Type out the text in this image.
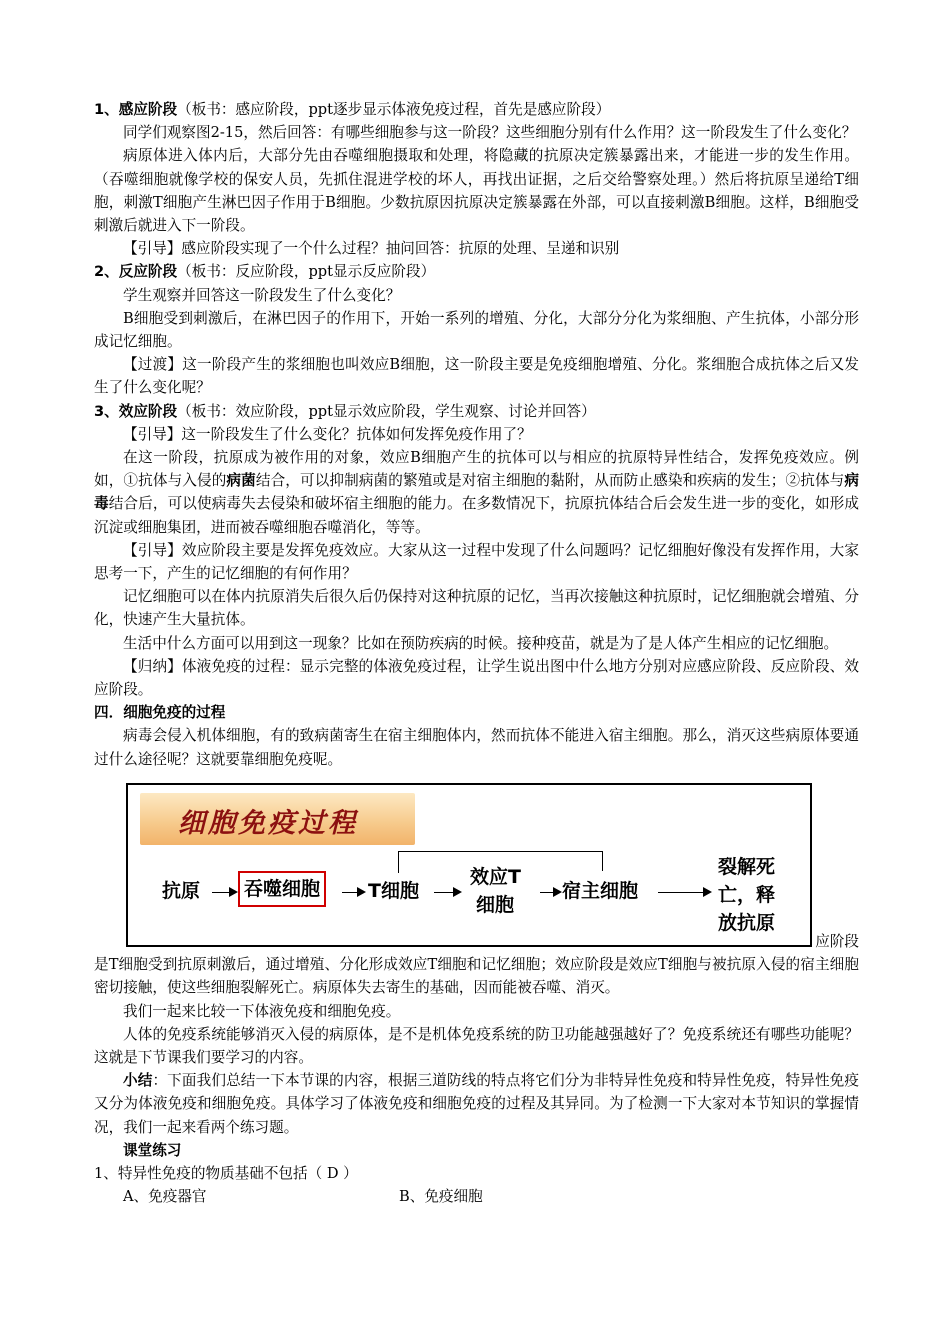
1、感应阶段（板书：感应阶段，ppt逐步显示体液免疫过程，首先是感应阶段）

同学们观察图2-15，然后回答：有哪些细胞参与这一阶段？这些细胞分别有什么作用？这一阶段发生了什么变化？

病原体进入体内后，大部分先由吞噬细胞摄取和处理，将隐藏的抗原决定簇暴露出来，才能进一步的发生作用。（吞噬细胞就像学校的保安人员，先抓住混进学校的坏人，再找出证据，之后交给警察处理。）然后将抗原呈递给T细胞，刺激T细胞产生淋巴因子作用于B细胞。少数抗原因抗原决定簇暴露在外部，可以直接刺激B细胞。这样，B细胞受刺激后就进入下一阶段。

【引导】感应阶段实现了一个什么过程？抽问回答：抗原的处理、呈递和识别

2、反应阶段（板书：反应阶段，ppt显示反应阶段）

学生观察并回答这一阶段发生了什么变化？

B细胞受到刺激后，在淋巴因子的作用下，开始一系列的增殖、分化，大部分分化为浆细胞、产生抗体，小部分形成记忆细胞。

【过渡】这一阶段产生的浆细胞也叫效应B细胞，这一阶段主要是免疫细胞增殖、分化。浆细胞合成抗体之后又发生了什么变化呢？

3、效应阶段（板书：效应阶段，ppt显示效应阶段，学生观察、讨论并回答）

【引导】这一阶段发生了什么变化？抗体如何发挥免疫作用了？

在这一阶段，抗原成为被作用的对象，效应B细胞产生的抗体可以与相应的抗原特异性结合，发挥免疫效应。例如，①抗体与入侵的病菌结合，可以抑制病菌的繁殖或是对宿主细胞的黏附，从而防止感染和疾病的发生；②抗体与病毒结合后，可以使病毒失去侵染和破坏宿主细胞的能力。在多数情况下，抗原抗体结合后会发生进一步的变化，如形成沉淀或细胞集团，进而被吞噬细胞吞噬消化，等等。

【引导】效应阶段主要是发挥免疫效应。大家从这一过程中发现了什么问题吗？记忆细胞好像没有发挥作用，大家思考一下，产生的记忆细胞的有何作用？

记忆细胞可以在体内抗原消失后很久后仍保持对这种抗原的记忆，当再次接触这种抗原时，记忆细胞就会增殖、分化，快速产生大量抗体。

生活中什么方面可以用到这一现象？比如在预防疾病的时候。接种疫苗，就是为了是人体产生相应的记忆细胞。

【归纳】体液免疫的过程：显示完整的体液免疫过程，让学生说出图中什么地方分别对应感应阶段、反应阶段、效应阶段。

四．细胞免疫的过程

病毒会侵入机体细胞，有的致病菌寄生在宿主细胞体内，然而抗体不能进入宿主细胞。那么，消灭这些病原体要通过什么途径呢？这就要靠细胞免疫呢。

细胞免疫过程
抗原	吞噬细胞	T细胞
效应T
细胞
宿主细胞
裂解死
亡，释
放抗原

应阶段

是T细胞受到抗原刺激后，通过增殖、分化形成效应T细胞和记忆细胞；效应阶段是效应T细胞与被抗原入侵的宿主细胞密切接触，使这些细胞裂解死亡。病原体失去寄生的基础，因而能被吞噬、消灭。

我们一起来比较一下体液免疫和细胞免疫。

人体的免疫系统能够消灭入侵的病原体，是不是机体免疫系统的防卫功能越强越好了？免疫系统还有哪些功能呢？这就是下节课我们要学习的内容。

小结：下面我们总结一下本节课的内容，根据三道防线的特点将它们分为非特异性免疫和特异性免疫，特异性免疫又分为体液免疫和细胞免疫。具体学习了体液免疫和细胞免疫的过程及其异同。为了检测一下大家对本节知识的掌握情况，我们一起来看两个练习题。

课堂练习

1、特异性免疫的物质基础不包括（ D ）

A、免疫器官	B、免疫细胞
